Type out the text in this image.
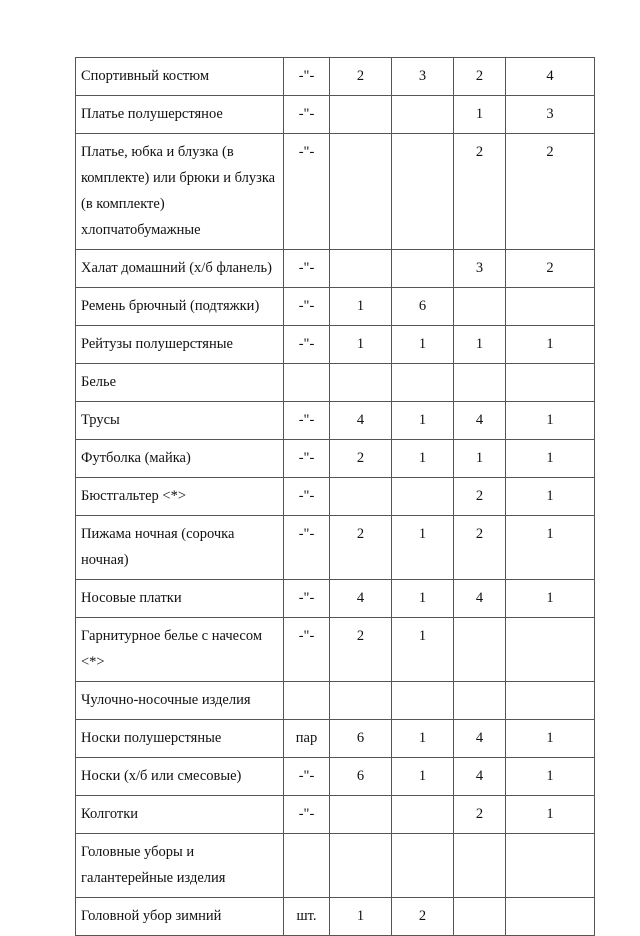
Спортивный костюм	-"-	2	3	2	4
Платье полушерстяное	-"-			1	3
Платье, юбка и блузка (в комплекте) или брюки и блузка (в комплекте) хлопчатобумажные	-"-			2	2
Халат домашний (х/б фланель)	-"-			3	2
Ремень брючный (подтяжки)	-"-	1	6		
Рейтузы полушерстяные	-"-	1	1	1	1
Белье					
Трусы	-"-	4	1	4	1
Футболка (майка)	-"-	2	1	1	1
Бюстгальтер <*>	-"-			2	1
Пижама ночная (сорочка ночная)	-"-	2	1	2	1
Носовые платки	-"-	4	1	4	1
Гарнитурное белье с начесом <*>	-"-	2	1		
Чулочно-носочные изделия					
Носки полушерстяные	пар	6	1	4	1
Носки (х/б или смесовые)	-"-	6	1	4	1
Колготки	-"-			2	1
Головные уборы и галантерейные изделия					
Головной убор зимний	шт.	1	2		
